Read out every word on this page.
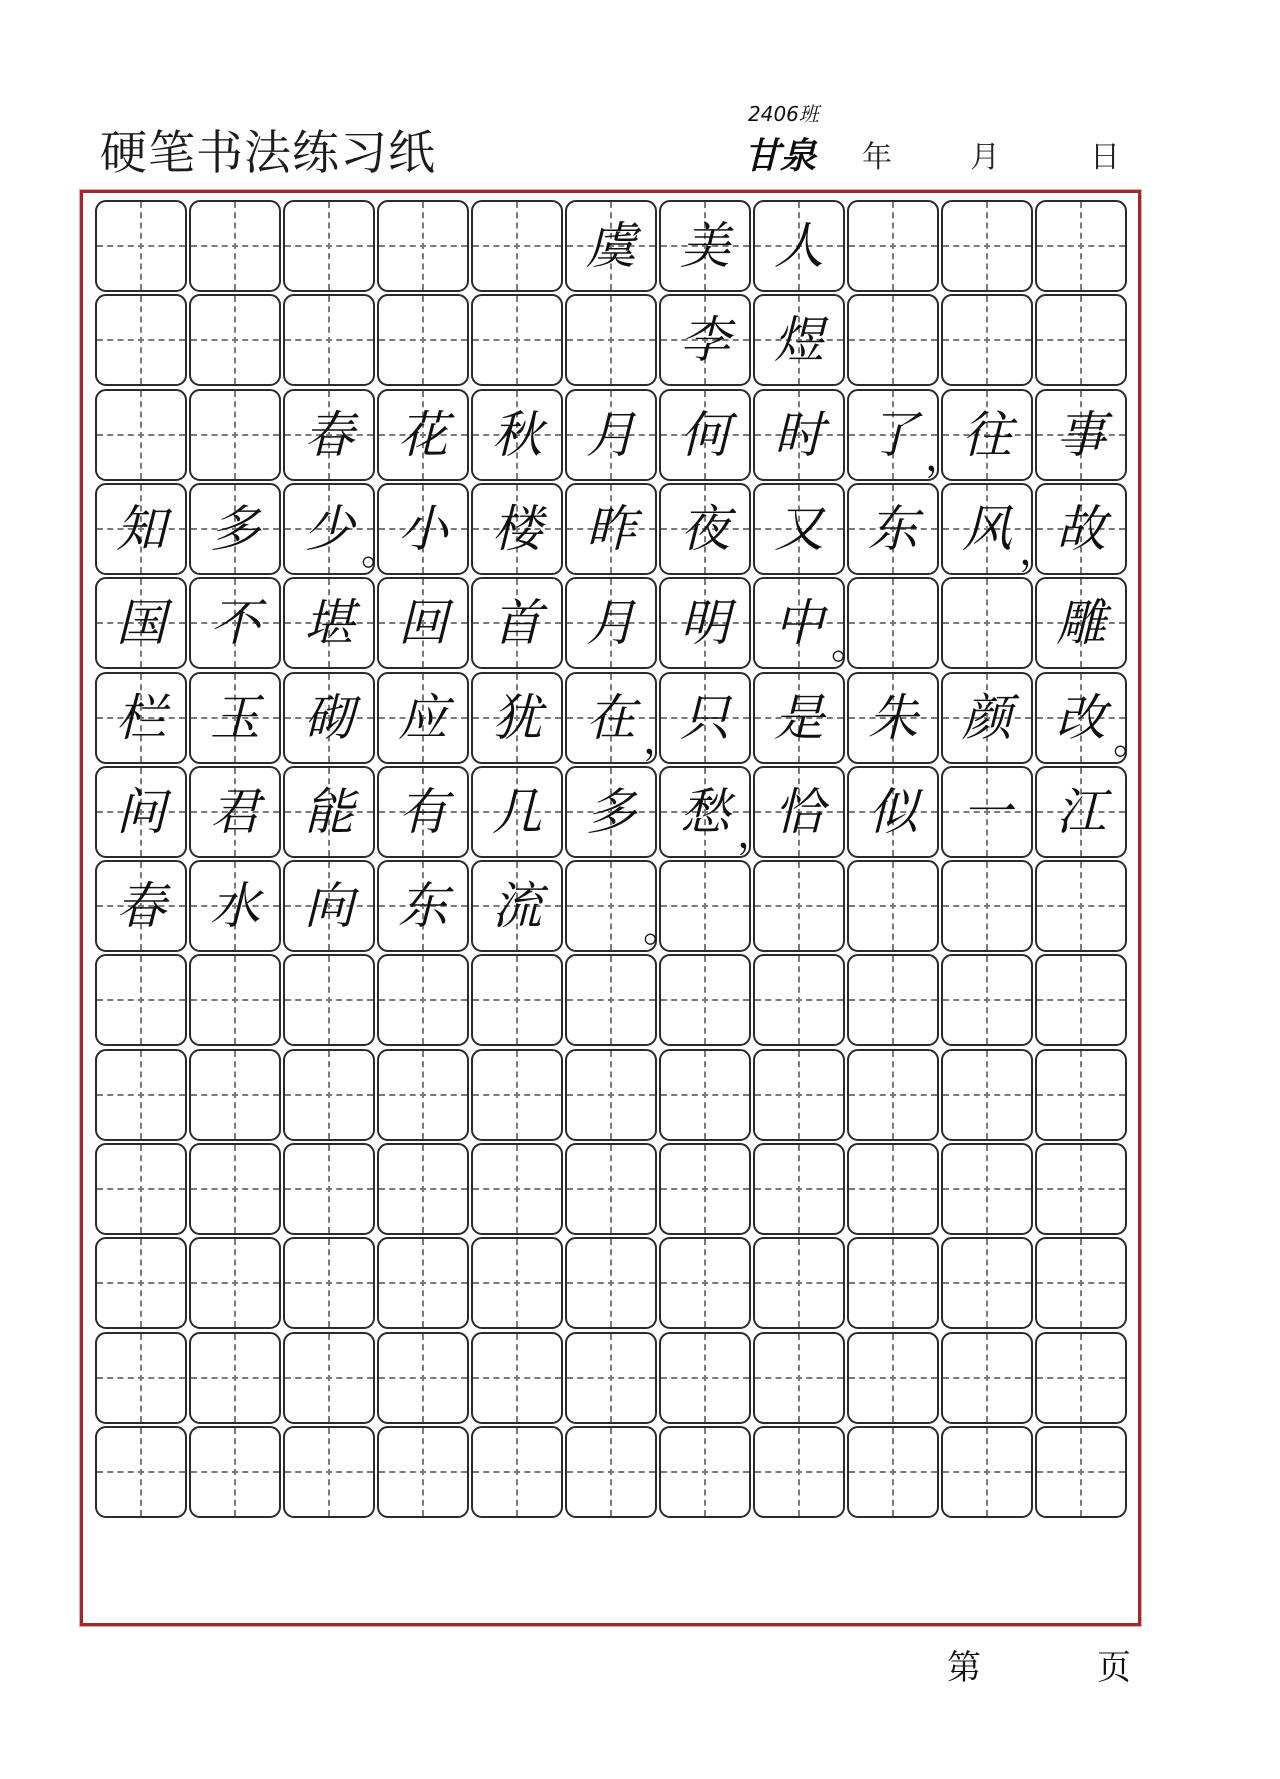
硬笔书法练习纸
2406班
甘泉 年	月	日
虞 美 人
李 煜
春 花 秋 月 何 时 了 往 事
知 多 少 小 楼 昨 夜 又 东 风 故
国 不 堪 回 首 月 明 中	雕
栏 玉 砌 应 犹 在 只 是 朱 颜 改
问 君 能 有 几 多 愁 恰 似 一 江
春 水 向 东 流
，
。	，
。
，	。
，
。
第	页
